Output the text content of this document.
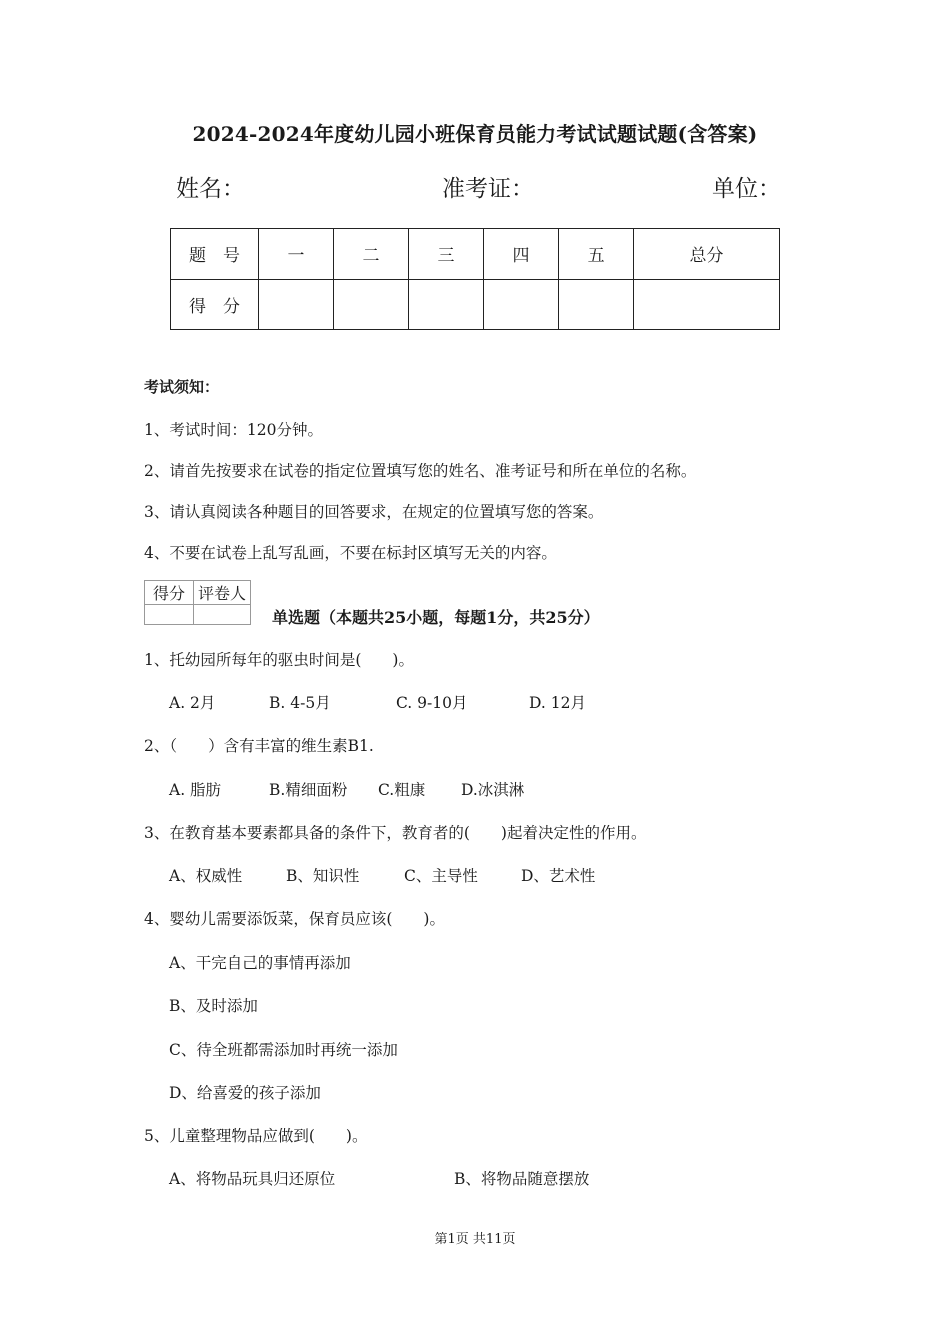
2024-2024年度幼儿园小班保育员能力考试试题试题(含答案)
姓名：	准考证：	单位：
题　号	一	二	三	四	五	总分
得　分						
考试须知：
1、考试时间：120分钟。
2、请首先按要求在试卷的指定位置填写您的姓名、准考证号和所在单位的名称。
3、请认真阅读各种题目的回答要求，在规定的位置填写您的答案。
4、不要在试卷上乱写乱画，不要在标封区填写无关的内容。
得分	评卷人

单选题（本题共25小题，每题1分，共25分）
1、托幼园所每年的驱虫时间是(　　)。
A. 2月	B. 4-5月	C. 9-10月	D. 12月
2、（　　）含有丰富的维生素B1.
A. 脂肪	B.精细面粉 C.粗康 D.冰淇淋
3、在教育基本要素都具备的条件下，教育者的(　　)起着决定性的作用。
A、权威性	B、知识性	C、主导性	D、艺术性
4、婴幼儿需要添饭菜，保育员应该(　　)。
A、干完自己的事情再添加
B、及时添加
C、待全班都需添加时再统一添加
D、给喜爱的孩子添加
5、儿童整理物品应做到(　　)。
A、将物品玩具归还原位	B、将物品随意摆放
第1页 共11页
